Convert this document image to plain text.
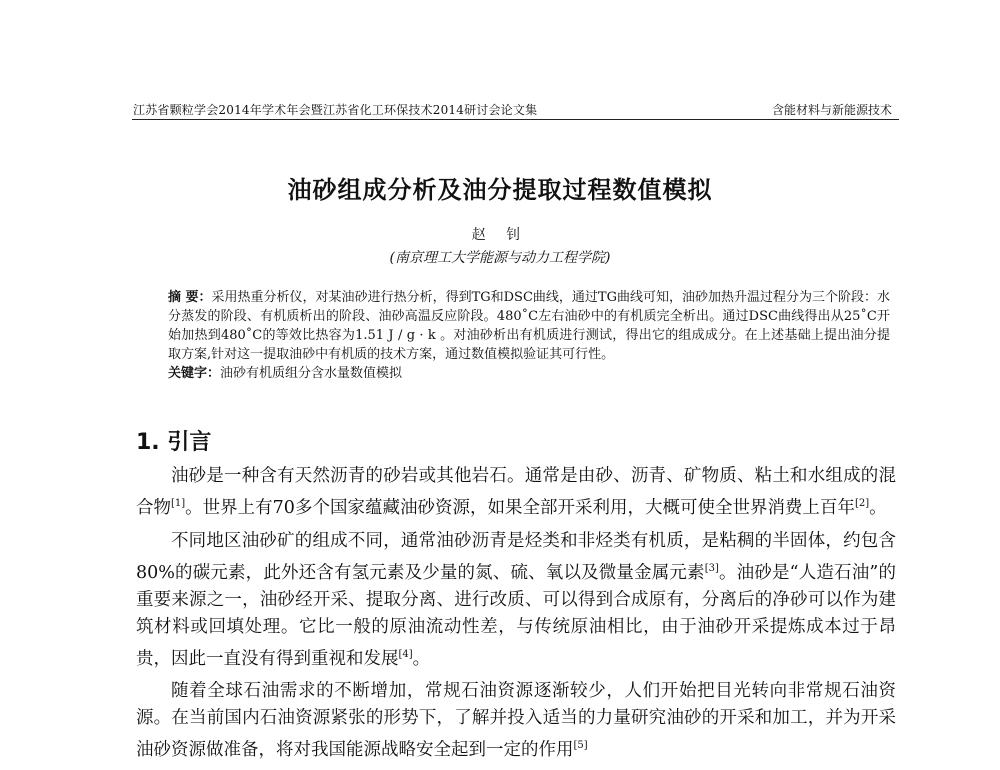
江苏省颗粒学会2014年学术年会暨江苏省化工环保技术2014研讨会论文集	含能材料与新能源技术
油砂组成分析及油分提取过程数值模拟
赵 钊
(南京理工大学能源与动力工程学院)

摘 要：采用热重分析仪，对某油砂进行热分析，得到TG和DSC曲线，通过TG曲线可知，油砂加热升温过程分为三个阶段：水分蒸发的阶段、有机质析出的阶段、油砂高温反应阶段。480˚C左右油砂中的有机质完全析出。通过DSC曲线得出从25˚C开始加热到480˚C的等效比热容为1.51 J / g · k 。对油砂析出有机质进行测试，得出它的组成成分。在上述基础上提出油分提取方案,针对这一提取油砂中有机质的技术方案，通过数值模拟验证其可行性。

关键字：油砂有机质组分含水量数值模拟

1. 引言

油砂是一种含有天然沥青的砂岩或其他岩石。通常是由砂、沥青、矿物质、粘土和水组成的混合物[1]。世界上有70多个国家蕴藏油砂资源，如果全部开采利用，大概可使全世界消费上百年[2]。

不同地区油砂矿的组成不同，通常油砂沥青是烃类和非烃类有机质，是粘稠的半固体，约包含80%的碳元素，此外还含有氢元素及少量的氮、硫、氧以及微量金属元素[3]。油砂是“人造石油”的重要来源之一，油砂经开采、提取分离、进行改质、可以得到合成原有，分离后的净砂可以作为建筑材料或回填处理。它比一般的原油流动性差，与传统原油相比，由于油砂开采提炼成本过于昂贵，因此一直没有得到重视和发展[4]。

随着全球石油需求的不断增加，常规石油资源逐渐较少，人们开始把目光转向非常规石油资源。在当前国内石油资源紧张的形势下，了解并投入适当的力量研究油砂的开采和加工，并为开采油砂资源做准备，将对我国能源战略安全起到一定的作用[5]
